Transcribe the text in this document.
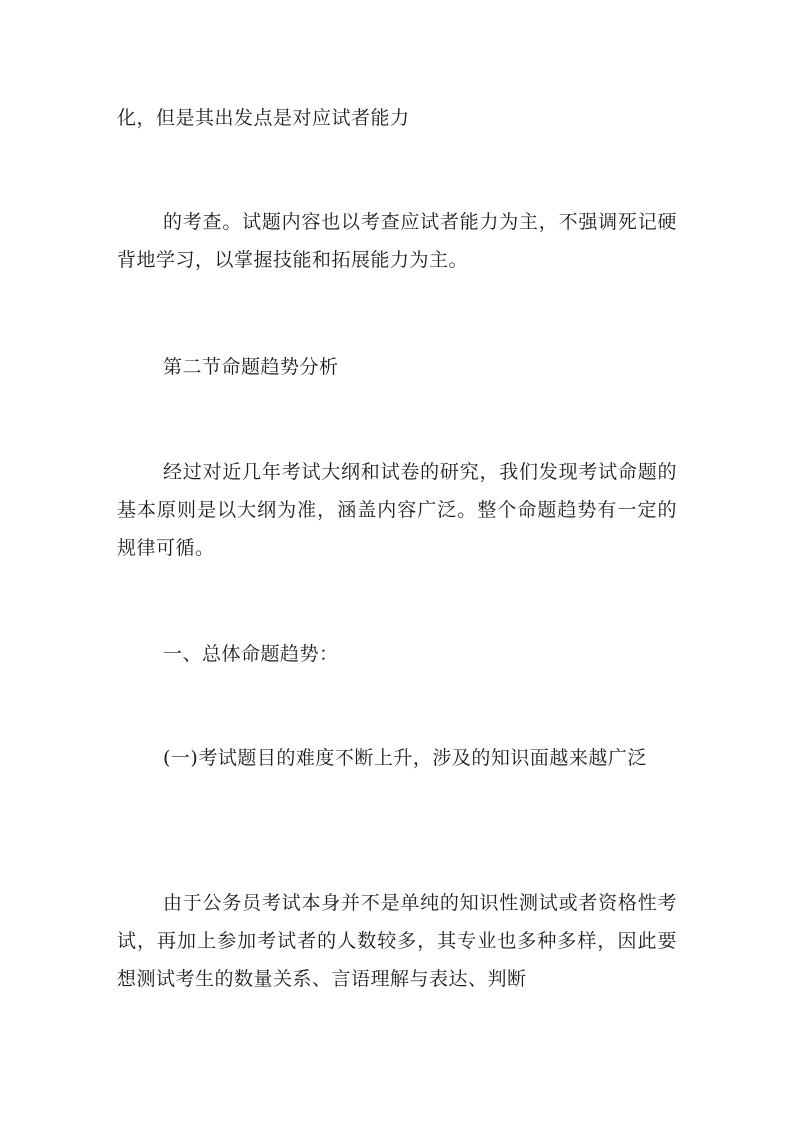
化，但是其出发点是对应试者能力

的考查。试题内容也以考查应试者能力为主，不强调死记硬背地学习，以掌握技能和拓展能力为主。

第二节命题趋势分析

经过对近几年考试大纲和试卷的研究，我们发现考试命题的基本原则是以大纲为准，涵盖内容广泛。整个命题趋势有一定的规律可循。

一、总体命题趋势：

(一)考试题目的难度不断上升，涉及的知识面越来越广泛

由于公务员考试本身并不是单纯的知识性测试或者资格性考试，再加上参加考试者的人数较多，其专业也多种多样，因此要想测试考生的数量关系、言语理解与表达、判断
